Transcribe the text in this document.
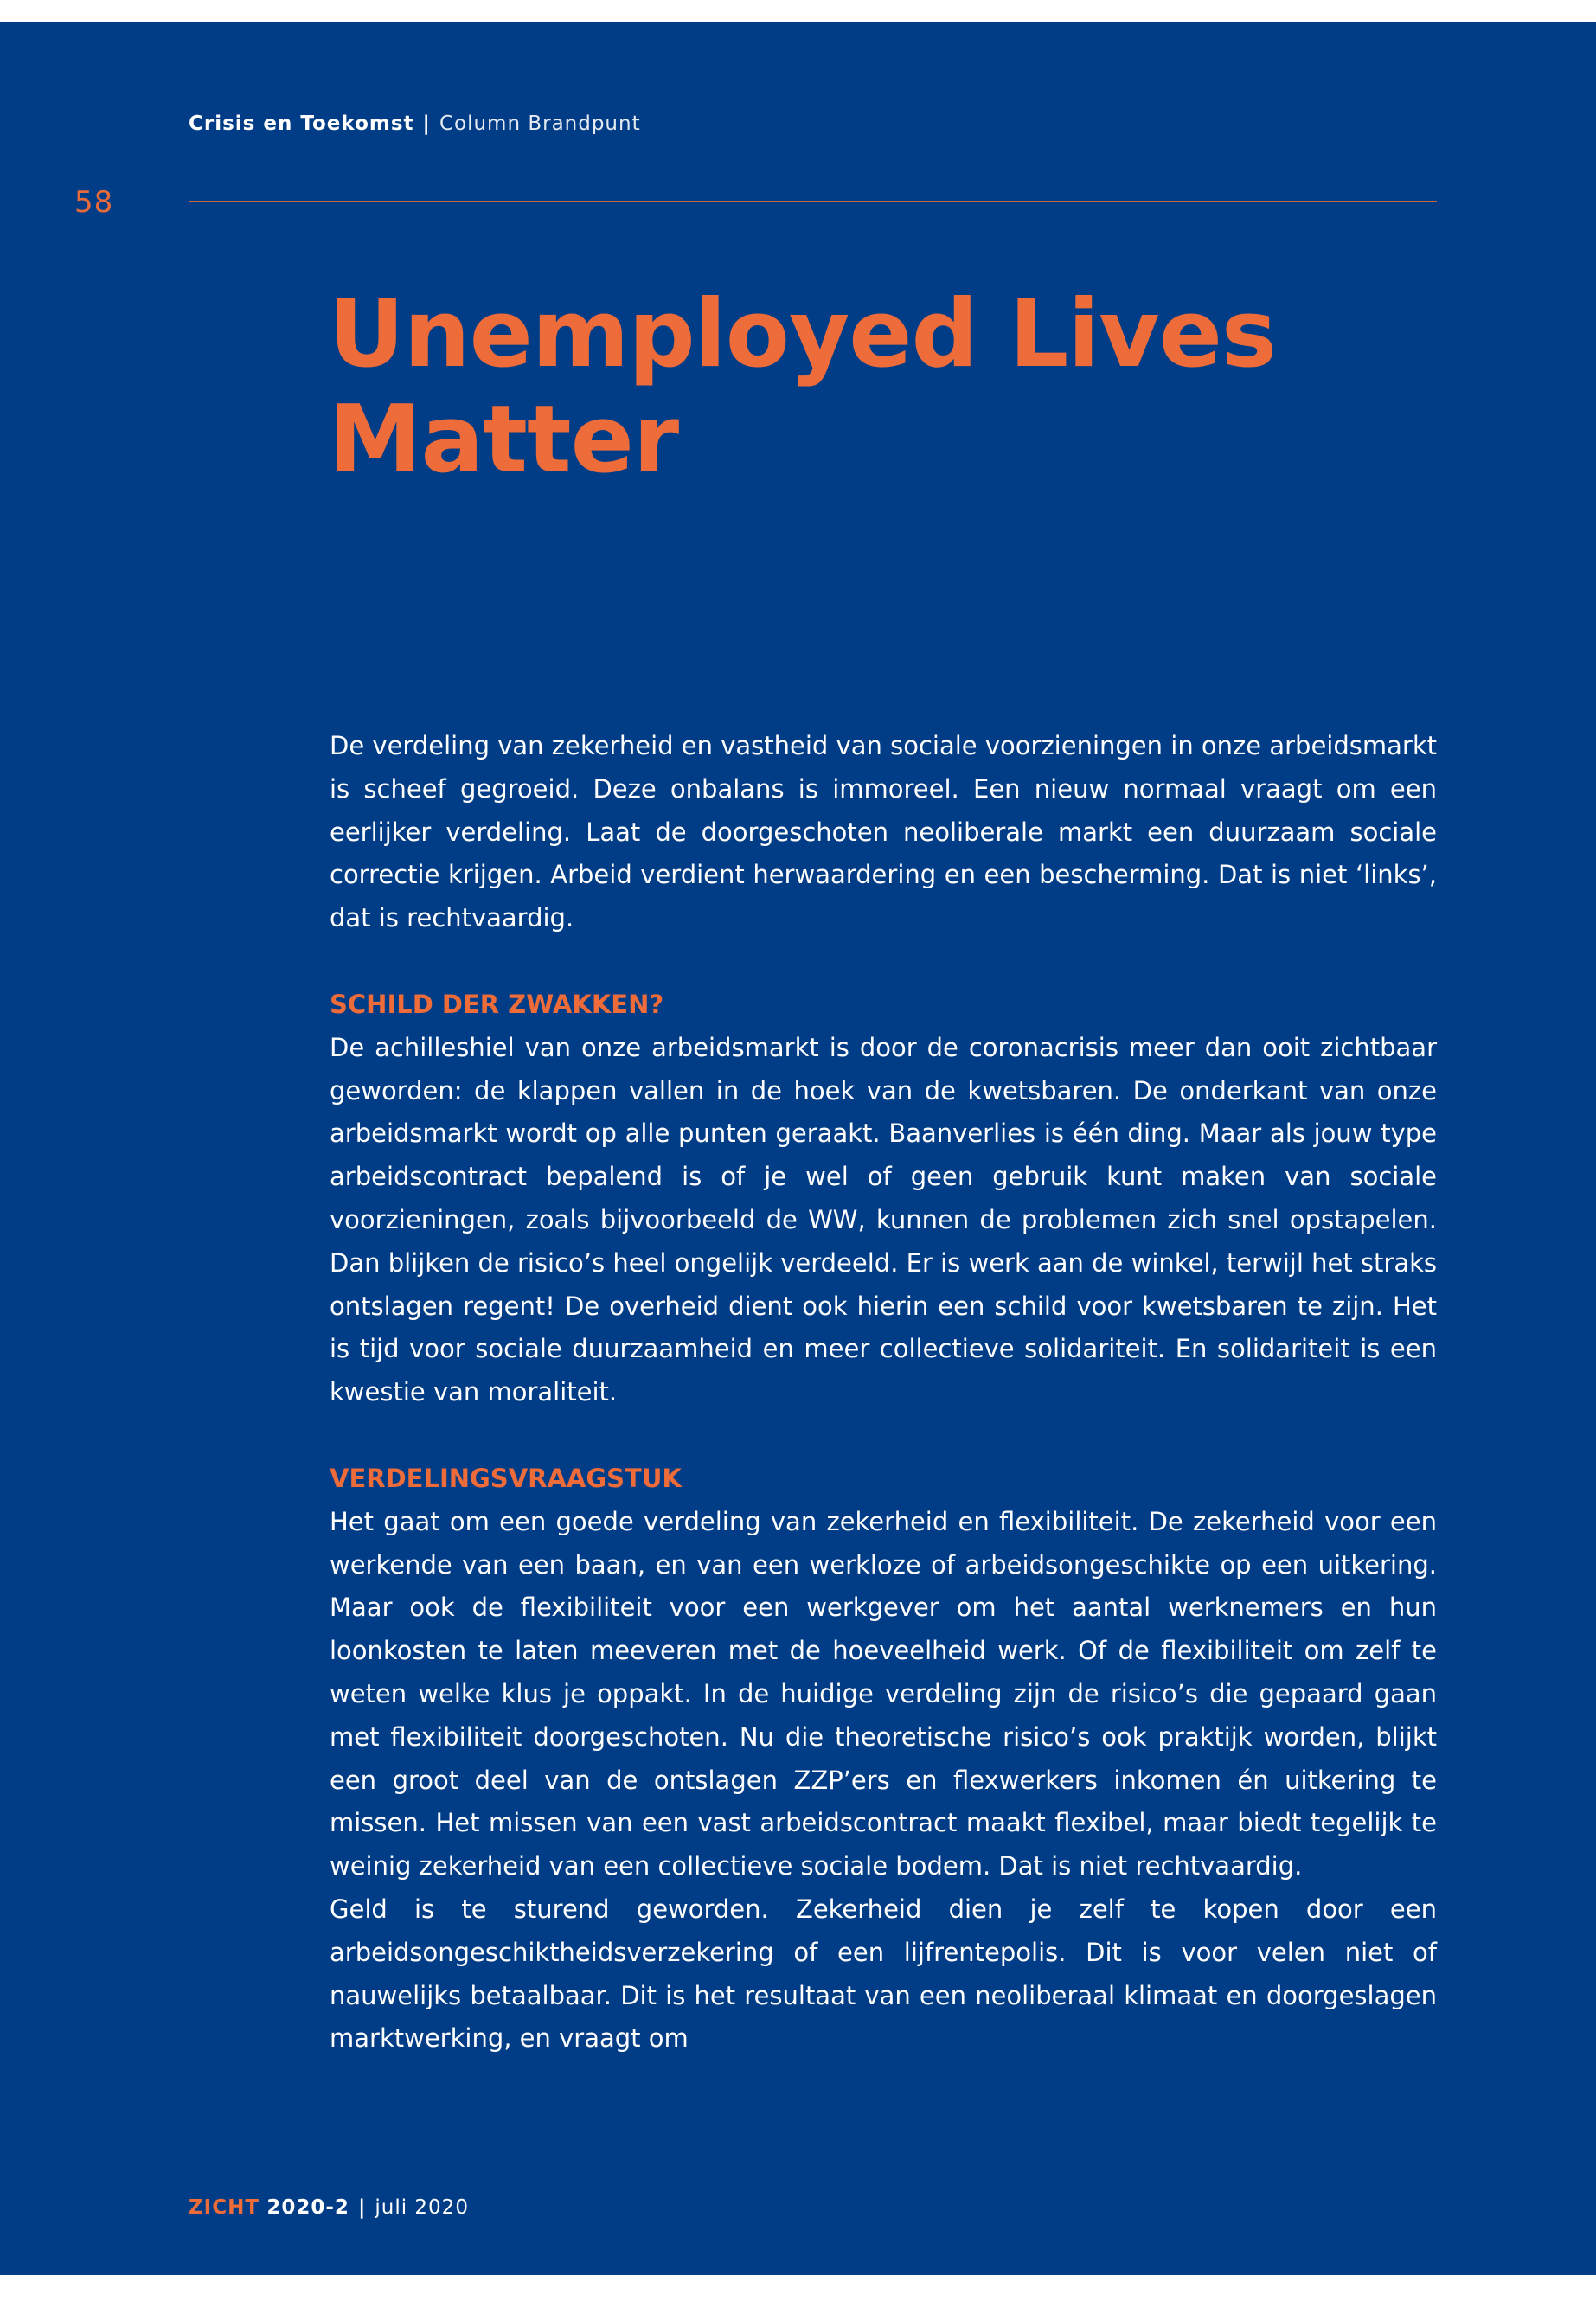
Crisis en Toekomst | Column Brandpunt
58
Unemployed Lives
Matter

De verdeling van zekerheid en vastheid van sociale voorzieningen in onze arbeidsmarkt is scheef gegroeid. Deze onbalans is immoreel. Een nieuw normaal vraagt om een eerlijker verdeling. Laat de doorgeschoten neoliberale markt een duurzaam sociale correctie krijgen. Arbeid verdient herwaardering en een bescherming. Dat is niet ‘links’, dat is rechtvaardig.

SCHILD DER ZWAKKEN?

De achilleshiel van onze arbeidsmarkt is door de coronacrisis meer dan ooit zichtbaar geworden: de klappen vallen in de hoek van de kwetsbaren. De onderkant van onze arbeidsmarkt wordt op alle punten geraakt. Baanverlies is één ding. Maar als jouw type arbeidscontract bepalend is of je wel of geen gebruik kunt maken van sociale voorzieningen, zoals bijvoorbeeld de WW, kunnen de problemen zich snel opstapelen. Dan blijken de risico’s heel ongelijk verdeeld. Er is werk aan de winkel, terwijl het straks ontslagen regent! De overheid dient ook hierin een schild voor kwetsbaren te zijn. Het is tijd voor sociale duurzaamheid en meer collectieve solidariteit. En solidariteit is een kwestie van moraliteit.

VERDELINGSVRAAGSTUK

Het gaat om een goede verdeling van zekerheid en flexibiliteit. De zekerheid voor een werkende van een baan, en van een werkloze of arbeidsongeschikte op een uitkering. Maar ook de flexibiliteit voor een werkgever om het aantal werknemers en hun loonkosten te laten meeveren met de hoeveelheid werk. Of de flexibiliteit om zelf te weten welke klus je oppakt. In de huidige verdeling zijn de risico’s die gepaard gaan met flexibiliteit doorgeschoten. Nu die theoretische risico’s ook praktijk worden, blijkt een groot deel van de ontslagen ZZP’ers en flexwerkers inkomen én uitkering te missen. Het missen van een vast arbeidscontract maakt flexibel, maar biedt tegelijk te weinig zekerheid van een collectieve sociale bodem. Dat is niet rechtvaardig.

Geld is te sturend geworden. Zekerheid dien je zelf te kopen door een arbeidsongeschiktheidsverzekering of een lijfrentepolis. Dit is voor velen niet of nauwelijks betaalbaar. Dit is het resultaat van een neoliberaal klimaat en doorgeslagen marktwerking, en vraagt om

ZICHT 2020-2 | juli 2020
